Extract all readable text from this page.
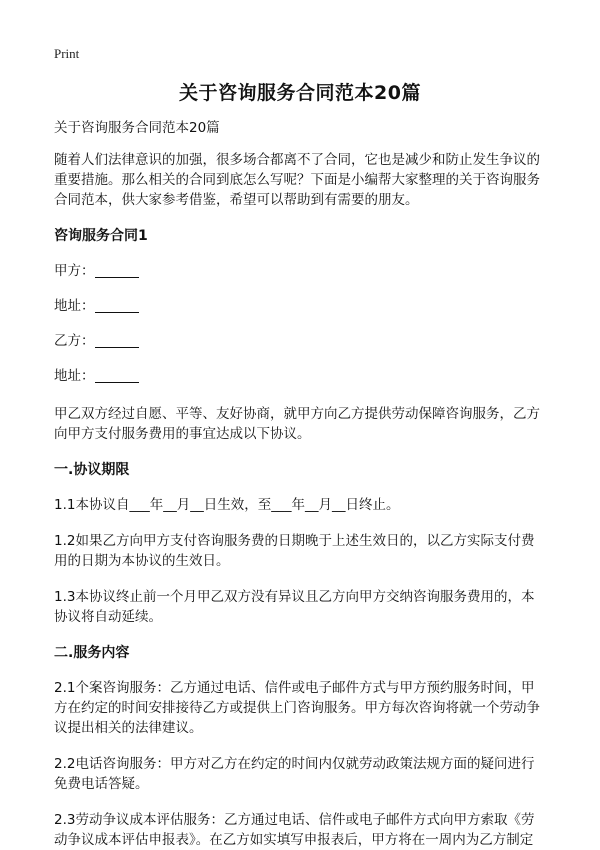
Print
关于咨询服务合同范本20篇

关于咨询服务合同范本20篇

随着人们法律意识的加强，很多场合都离不了合同，它也是减少和防止发生争议的重要措施。那么相关的合同到底怎么写呢？下面是小编帮大家整理的关于咨询服务合同范本，供大家参考借鉴，希望可以帮助到有需要的朋友。

咨询服务合同1

甲方：
地址：
乙方：
地址：

甲乙双方经过自愿、平等、友好协商，就甲方向乙方提供劳动保障咨询服务，乙方向甲方支付服务费用的事宜达成以下协议。

一.协议期限

1.1本协议自___年__月__日生效，至___年__月__日终止。

1.2如果乙方向甲方支付咨询服务费的日期晚于上述生效日的，以乙方实际支付费用的日期为本协议的生效日。

1.3本协议终止前一个月甲乙双方没有异议且乙方向甲方交纳咨询服务费用的，本协议将自动延续。

二.服务内容

2.1个案咨询服务：乙方通过电话、信件或电子邮件方式与甲方预约服务时间，甲方在约定的时间安排接待乙方或提供上门咨询服务。甲方每次咨询将就一个劳动争议提出相关的法律建议。

2.2电话咨询服务：甲方对乙方在约定的时间内仅就劳动政策法规方面的疑问进行免费电话答疑。

2.3劳动争议成本评估服务：乙方通过电话、信件或电子邮件方式向甲方索取《劳动争议成本评估申报表》。在乙方如实填写申报表后，甲方将在一周内为乙方制定
